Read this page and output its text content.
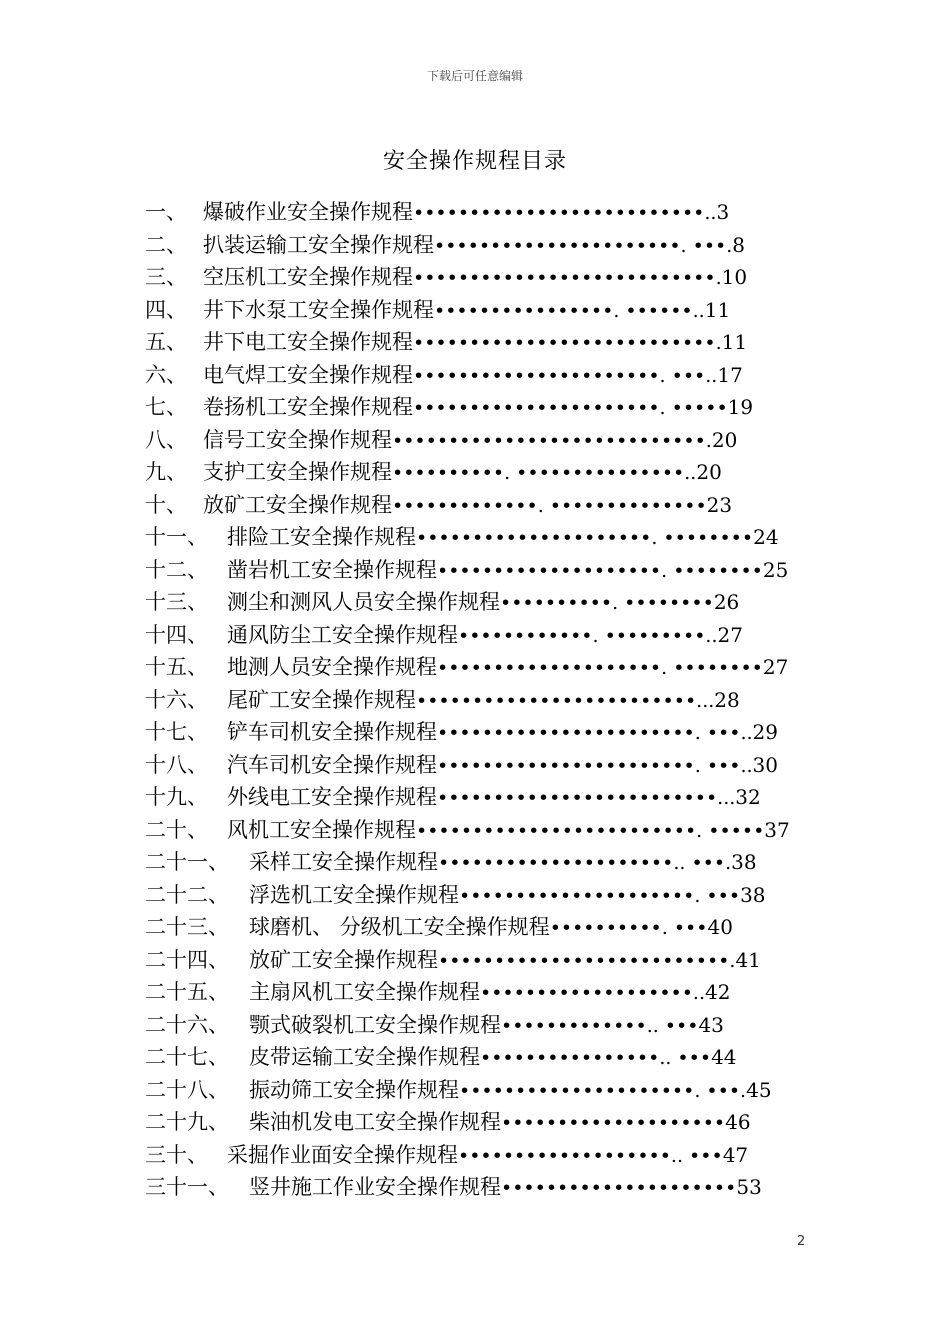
下载后可任意编辑
安全操作规程目录
一、 爆破作业安全操作规程••••••••••••••••••••••••••..3
二、 扒装运输工安全操作规程••••••••••••••••••••••. •••.8
三、 空压机工安全操作规程•••••••••••••••••••••••••••.10
四、 井下水泵工安全操作规程••••••••••••••••. ••••••..11
五、 井下电工安全操作规程•••••••••••••••••••••••••••.11
六、 电气焊工安全操作规程••••••••••••••••••••••. •••..17
七、 卷扬机工安全操作规程••••••••••••••••••••••. •••••19
八、 信号工安全操作规程••••••••••••••••••••••••••••.20
九、 支护工安全操作规程••••••••••. •••••••••••••••..20
十、 放矿工安全操作规程•••••••••••••. ••••••••••••••23
十一、 排险工安全操作规程•••••••••••••••••••••. ••••••••24
十二、 凿岩机工安全操作规程••••••••••••••••••••. ••••••••25
十三、 测尘和测风人员安全操作规程••••••••••. ••••••••26
十四、 通风防尘工安全操作规程••••••••••••. •••••••••..27
十五、 地测人员安全操作规程••••••••••••••••••••. ••••••••27
十六、 尾矿工安全操作规程•••••••••••••••••••••••••...28
十七、 铲车司机安全操作规程•••••••••••••••••••••••. •••..29
十八、 汽车司机安全操作规程•••••••••••••••••••••••. •••..30
十九、 外线电工安全操作规程•••••••••••••••••••••••••...32
二十、 风机工安全操作规程•••••••••••••••••••••••••. •••••37
二十一、 采样工安全操作规程•••••••••••••••••••••.. •••.38
二十二、 浮选机工安全操作规程•••••••••••••••••••••. •••38
二十三、 球磨机、 分级机工安全操作规程••••••••••. •••40
二十四、 放矿工安全操作规程••••••••••••••••••••••••••.41
二十五、 主扇风机工安全操作规程•••••••••••••••••••..42
二十六、 颚式破裂机工安全操作规程•••••••••••••.. •••43
二十七、 皮带运输工安全操作规程••••••••••••••••.. •••44
二十八、 振动筛工安全操作规程•••••••••••••••••••••. •••.45
二十九、 柴油机发电工安全操作规程••••••••••••••••••••46
三十、 采掘作业面安全操作规程•••••••••••••••••••.. •••47
三十一、 竖井施工作业安全操作规程•••••••••••••••••••••53
2
